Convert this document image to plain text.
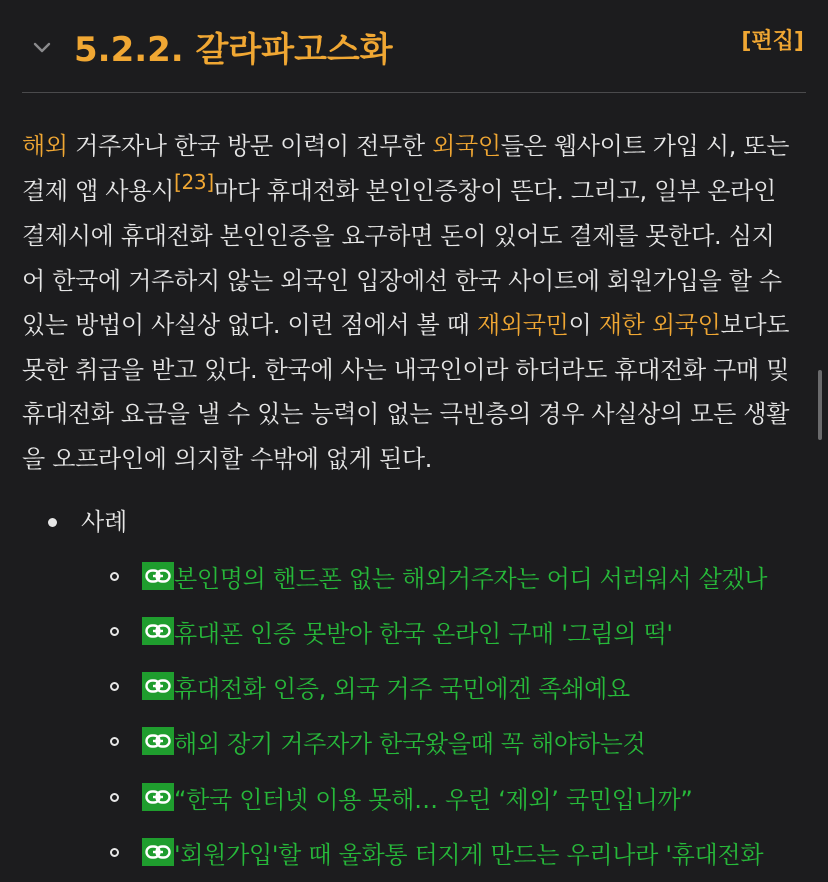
5.2.2. 갈라파고스화	[편집]
해외 거주자나 한국 방문 이력이 전무한 외국인들은 웹사이트 가입 시, 또는 결제 앱 사용시[23]마다 휴대전화 본인인증창이 뜬다. 그리고, 일부 온라인 결제시에 휴대전화 본인인증을 요구하면 돈이 있어도 결제를 못한다. 심지어 한국에 거주하지 않는 외국인 입장에선 한국 사이트에 회원가입을 할 수 있는 방법이 사실상 없다. 이런 점에서 볼 때 재외국민이 재한 외국인보다도 못한 취급을 받고 있다. 한국에 사는 내국인이라 하더라도 휴대전화 구매 및 휴대전화 요금을 낼 수 있는 능력이 없는 극빈층의 경우 사실상의 모든 생활을 오프라인에 의지할 수밖에 없게 된다.
사례
본인명의 핸드폰 없는 해외거주자는 어디 서러워서 살겠나
휴대폰 인증 못받아 한국 온라인 구매 '그림의 떡'
휴대전화 인증, 외국 거주 국민에겐 족쇄예요
해외 장기 거주자가 한국왔을때 꼭 해야하는것
“한국 인터넷 이용 못해… 우린 ‘제외’ 국민입니까”
'회원가입'할 때 울화통 터지게 만드는 우리나라 '휴대전화
